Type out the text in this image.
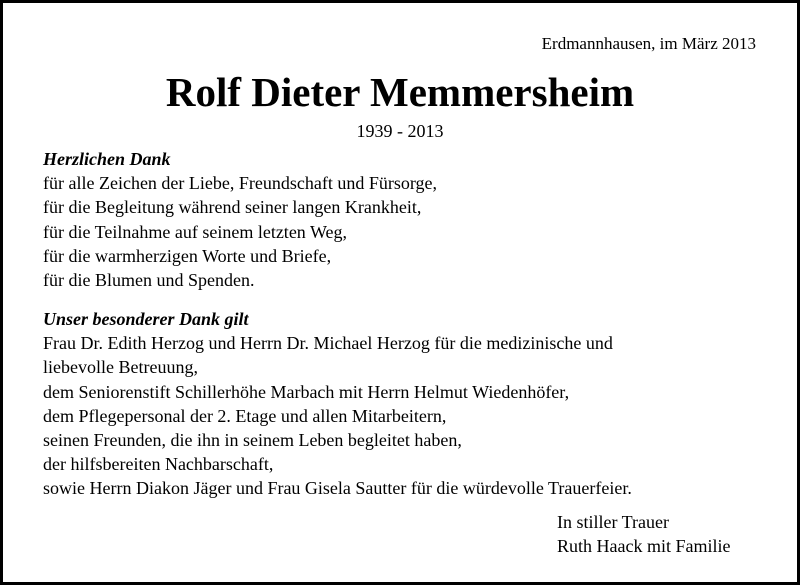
Erdmannhausen, im März 2013
Rolf Dieter Memmersheim
1939 - 2013
Herzlichen Dank
für alle Zeichen der Liebe, Freundschaft und Fürsorge,
für die Begleitung während seiner langen Krankheit,
für die Teilnahme auf seinem letzten Weg,
für die warmherzigen Worte und Briefe,
für die Blumen und Spenden.
Unser besonderer Dank gilt
Frau Dr. Edith Herzog und Herrn Dr. Michael Herzog für die medizinische und
liebevolle Betreuung,
dem Seniorenstift Schillerhöhe Marbach mit Herrn Helmut Wiedenhöfer,
dem Pflegepersonal der 2. Etage und allen Mitarbeitern,
seinen Freunden, die ihn in seinem Leben begleitet haben,
der hilfsbereiten Nachbarschaft,
sowie Herrn Diakon Jäger und Frau Gisela Sautter für die würdevolle Trauerfeier.
In stiller Trauer
Ruth Haack mit Familie
